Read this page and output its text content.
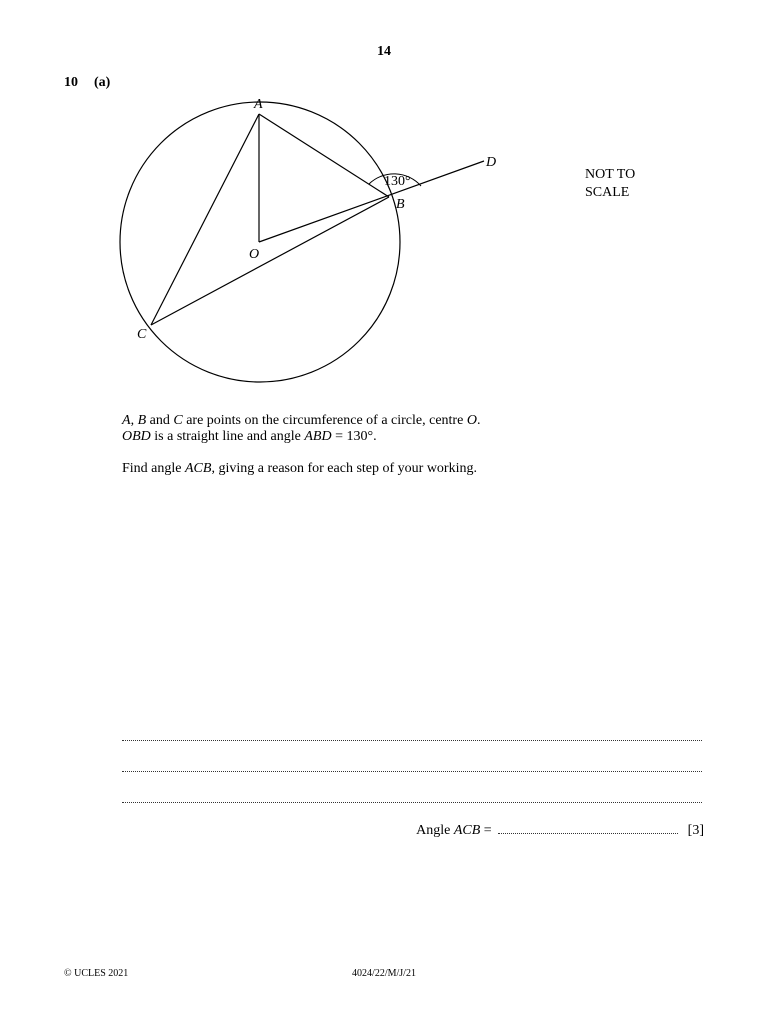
14
10 (a)
130°
A
B
C
D
O
NOT TO
SCALE

A, B and C are points on the circumference of a circle, centre O.

OBD is a straight line and angle ABD = 130°.

Find angle ACB, giving a reason for each step of your working.
Angle ACB =	[3]
© UCLES 2021	4024/22/M/J/21
